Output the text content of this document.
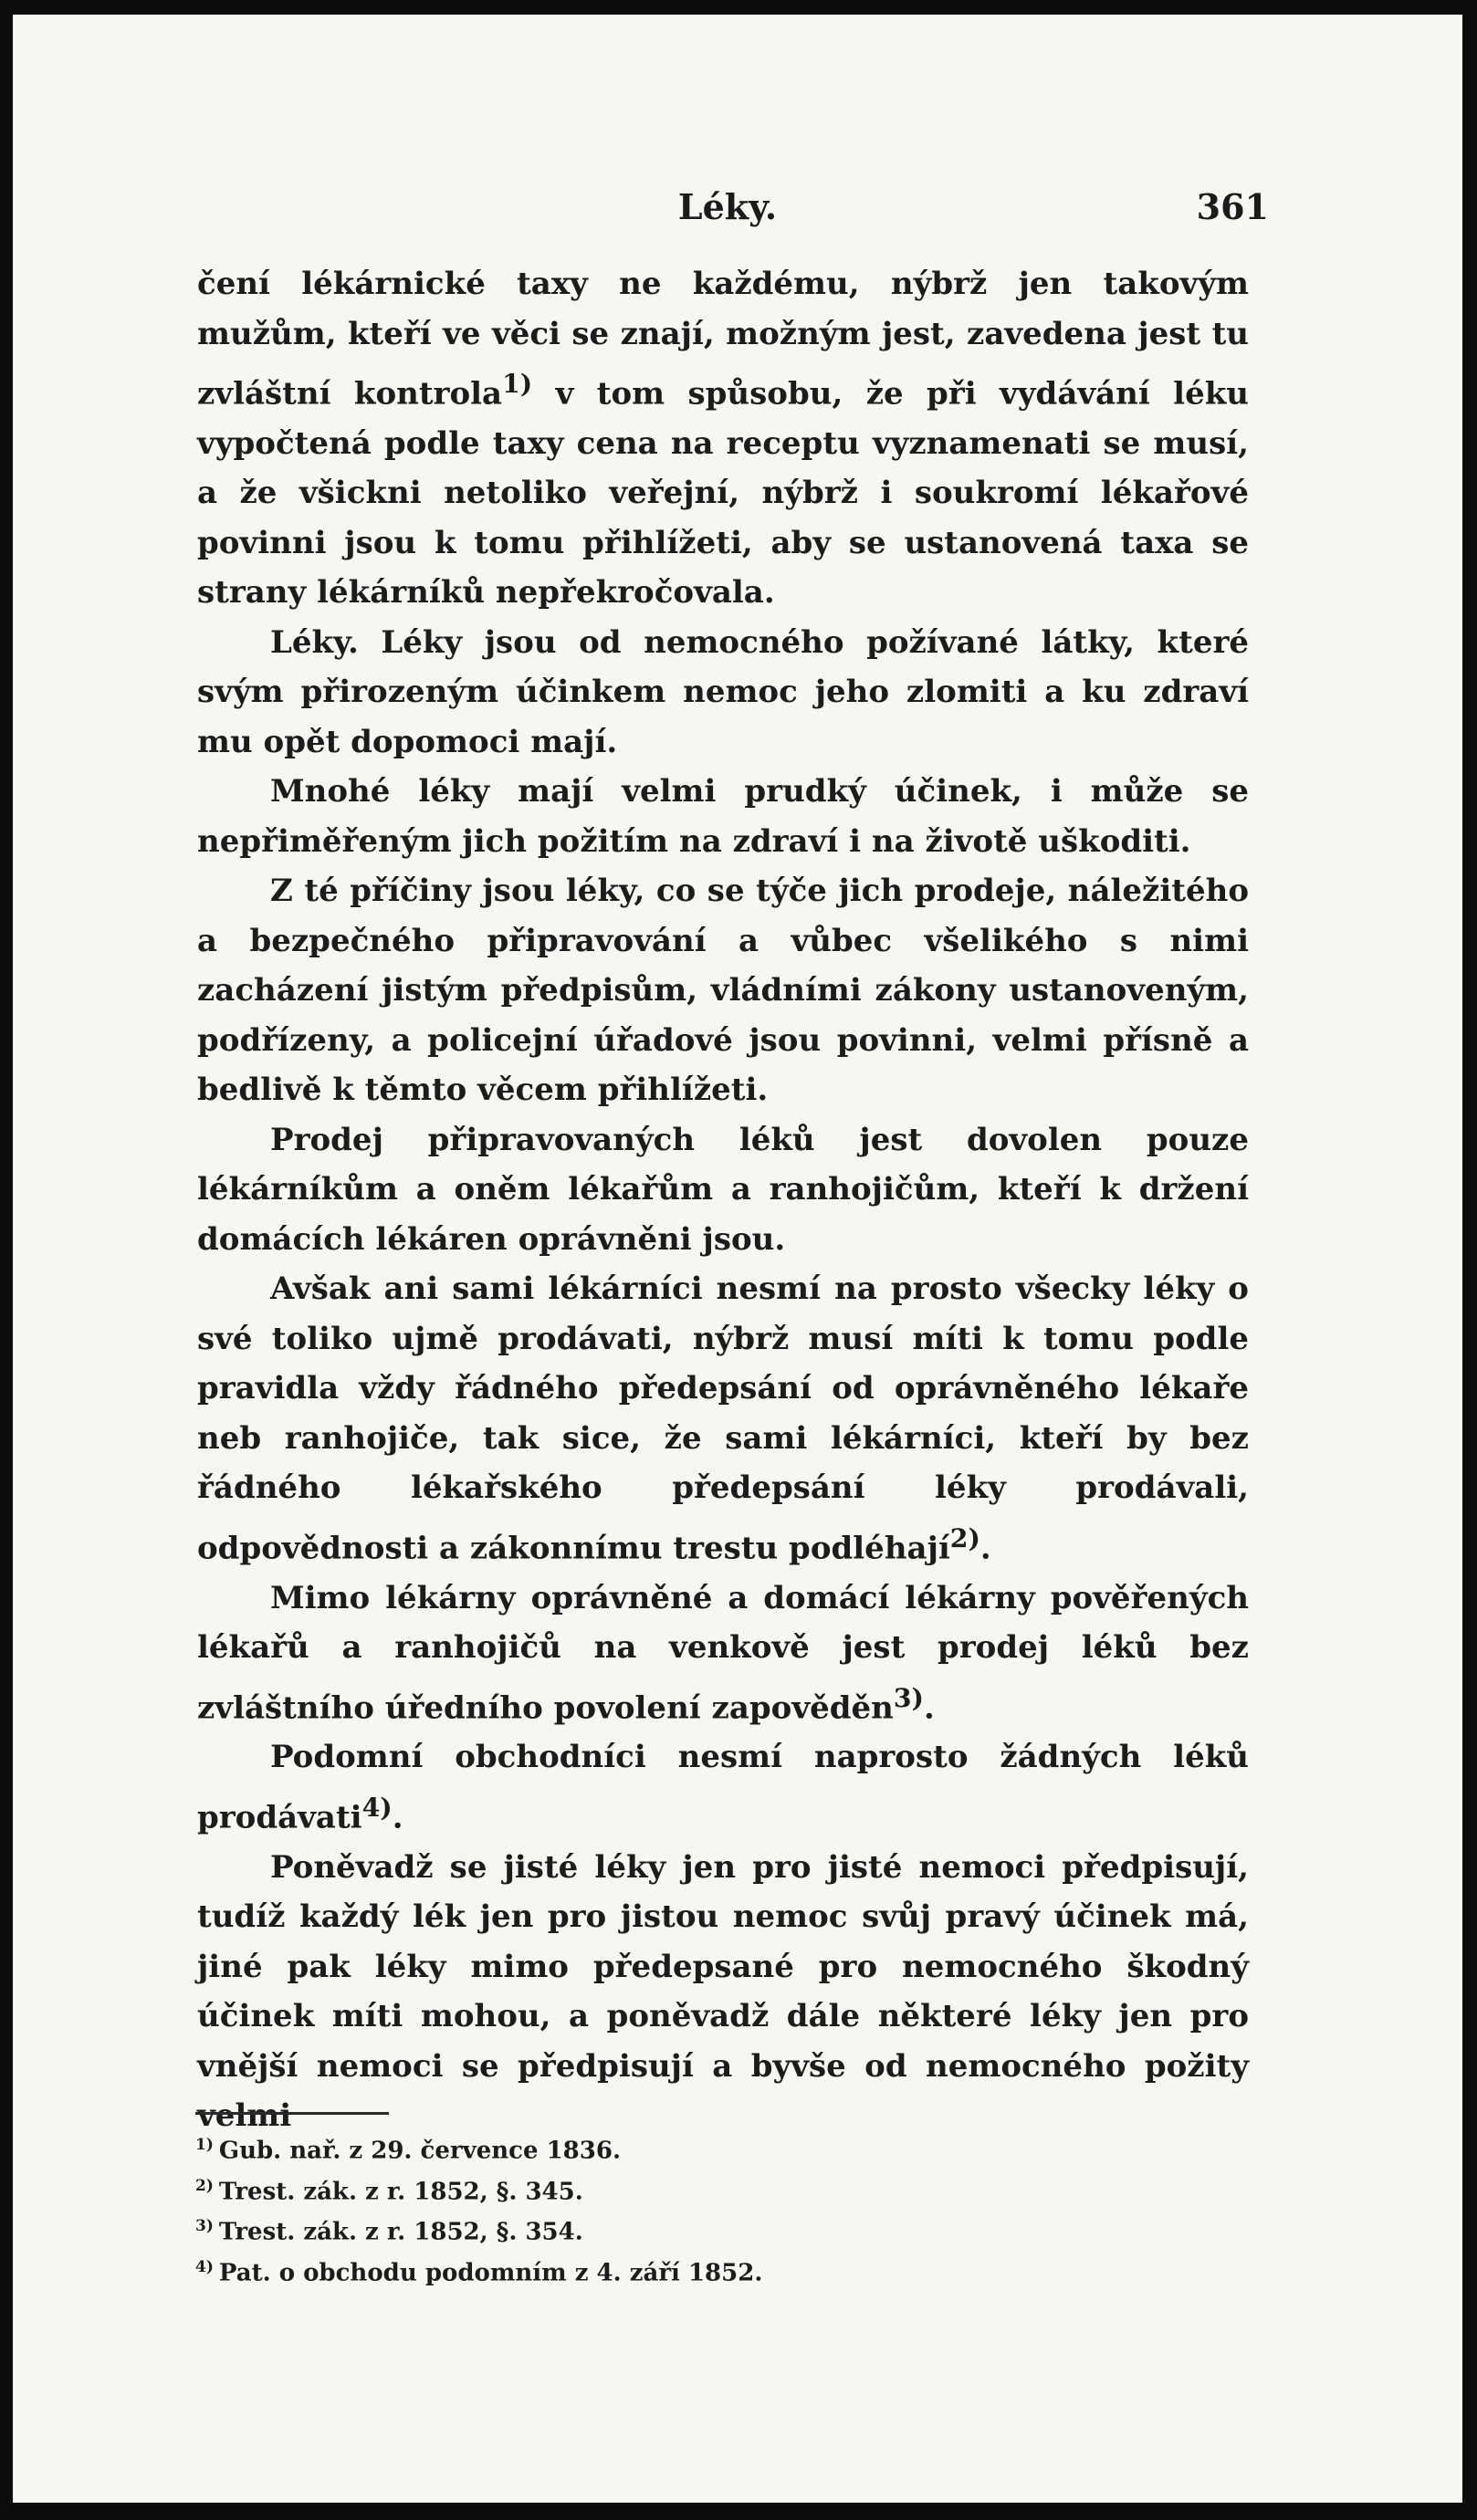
Léky.	361

čení lékárnické taxy ne každému, nýbrž jen takovým mužům, kteří ve věci se znají, možným jest, zavedena jest tu zvláštní kontrola$^{1)}$ v tom spůsobu, že při vydávání léku vypočtená podle taxy cena na receptu vyznamenati se musí, a že všickni netoliko veřejní, nýbrž i soukromí lékařové povinni jsou k tomu přihlížeti, aby se ustanovená taxa se strany lékárníků nepřekročovala.

Léky. Léky jsou od nemocného požívané látky, které svým přirozeným účinkem nemoc jeho zlomiti a ku zdraví mu opět dopomoci mají.

Mnohé léky mají velmi prudký účinek, i může se nepřiměřeným jich požitím na zdraví i na životě uškoditi.

Z té příčiny jsou léky, co se týče jich prodeje, náležitého a bezpečného připravování a vůbec všelikého s nimi zacházení jistým předpisům, vládními zákony ustanoveným, podřízeny, a policejní úřadové jsou povinni, velmi přísně a bedlivě k těmto věcem přihlížeti.

Prodej připravovaných léků jest dovolen pouze lékárníkům a oněm lékařům a ranhojičům, kteří k držení domácích lékáren oprávněni jsou.

Avšak ani sami lékárníci nesmí na prosto všecky léky o své toliko ujmě prodávati, nýbrž musí míti k tomu podle pravidla vždy řádného předepsání od oprávněného lékaře neb ranhojiče, tak sice, že sami lékárníci, kteří by bez řádného lékařského předepsání léky prodávali, odpovědnosti a zákonnímu trestu podléhají$^{2)}$.

Mimo lékárny oprávněné a domácí lékárny pověřených lékařů a ranhojičů na venkově jest prodej léků bez zvláštního úředního povolení zapověděn$^{3)}$.

Podomní obchodníci nesmí naprosto žádných léků prodávati$^{4)}$.

Poněvadž se jisté léky jen pro jisté nemoci předpisují, tudíž každý lék jen pro jistou nemoc svůj pravý účinek má, jiné pak léky mimo předepsané pro nemocného škodný účinek míti mohou, a poněvadž dále některé léky jen pro vnější nemoci se předpisují a byvše od nemocného požity velmi

$^{1)}$ Gub. nař. z 29. července 1836.
$^{2)}$ Trest. zák. z r. 1852, §. 345.
$^{3)}$ Trest. zák. z r. 1852, §. 354.
$^{4)}$ Pat. o obchodu podomním z 4. září 1852.
